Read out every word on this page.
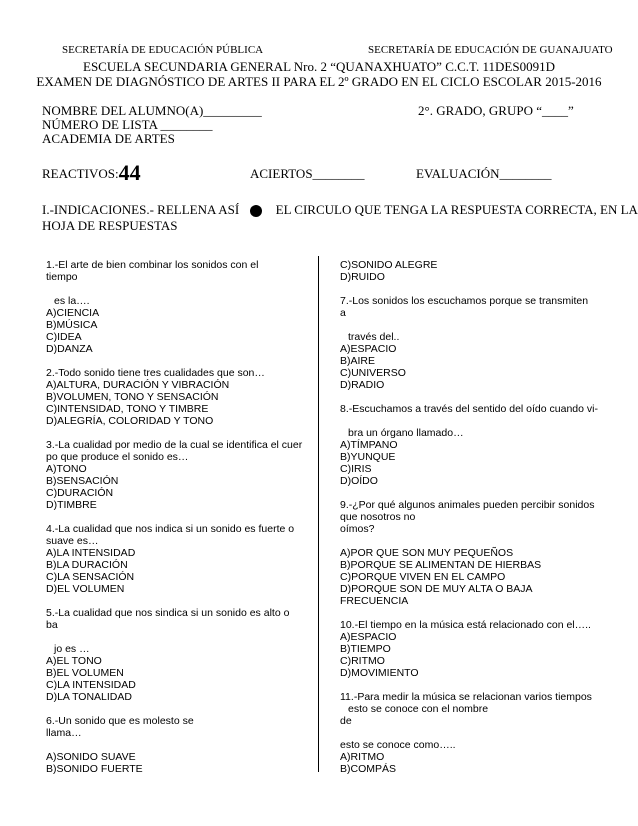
SECRETARÍA DE EDUCACIÓN PÚBLICA	SECRETARÍA DE EDUCACIÓN DE GUANAJUATO
ESCUELA SECUNDARIA GENERAL Nro. 2 “QUANAXHUATO” C.C.T. 11DES0091D
EXAMEN DE DIAGNÓSTICO DE ARTES II PARA EL 2º GRADO EN EL CICLO ESCOLAR 2015-2016
NOMBRE DEL ALUMNO(A)_________	2°. GRADO, GRUPO “____”
NÚMERO DE LISTA ________
ACADEMIA DE ARTES
REACTIVOS:44	ACIERTOS________	EVALUACIÓN________
I.-INDICACIONES.- RELLENA ASÍ	EL CIRCULO QUE TENGA LA RESPUESTA CORRECTA, EN LA
HOJA DE RESPUESTAS
1.-El arte de bien combinar los sonidos con el
tiempo
es la….
A)CIENCIA
B)MÚSICA
C)IDEA
D)DANZA
2.-Todo sonido tiene tres cualidades que son…
A)ALTURA, DURACIÓN Y VIBRACIÓN
B)VOLUMEN, TONO Y SENSACIÓN
C)INTENSIDAD, TONO Y TIMBRE
D)ALEGRÍA, COLORIDAD Y TONO
3.-La cualidad por medio de la cual se identifica el cuer
po que produce el sonido es…
A)TONO
B)SENSACIÓN
C)DURACIÓN
D)TIMBRE
4.-La cualidad que nos indica si un sonido es fuerte o
suave es…
A)LA INTENSIDAD
B)LA DURACIÓN
C)LA SENSACIÓN
D)EL VOLUMEN
5.-La cualidad que nos sindica si un sonido es alto o
ba
jo es …
A)EL TONO
B)EL VOLUMEN
C)LA INTENSIDAD
D)LA TONALIDAD
6.-Un sonido que es molesto se
llama…
A)SONIDO SUAVE
B)SONIDO FUERTE
C)SONIDO ALEGRE
D)RUIDO
7.-Los sonidos los escuchamos porque se transmiten
a
través del..
A)ESPACIO
B)AIRE
C)UNIVERSO
D)RADIO
8.-Escuchamos a través del sentido del oído cuando vi-
bra un órgano llamado…
A)TÍMPANO
B)YUNQUE
C)IRIS
D)OÍDO
9.-¿Por qué algunos animales pueden percibir sonidos
que nosotros no
oímos?
A)POR QUE SON MUY PEQUEÑOS
B)PORQUE SE ALIMENTAN DE HIERBAS
C)PORQUE VIVEN EN EL CAMPO
D)PORQUE SON DE MUY ALTA O BAJA
FRECUENCIA
10.-El tiempo en la música está relacionado con el…..
A)ESPACIO
B)TIEMPO
C)RITMO
D)MOVIMIENTO
11.-Para medir la música se relacionan varios tiempos
esto se conoce con el nombre
de
esto se conoce como…..
A)RITMO
B)COMPÁS
